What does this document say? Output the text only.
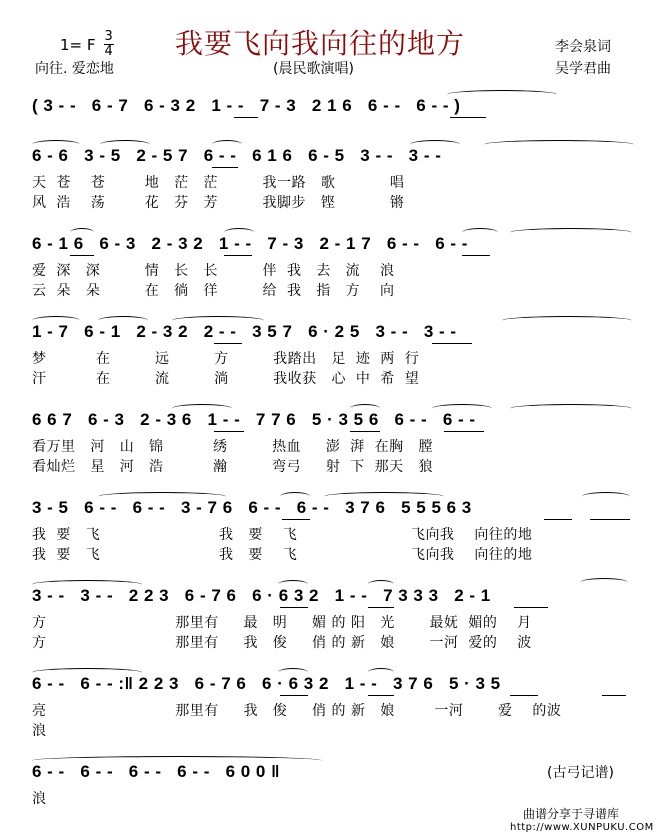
我要飞向我向往的地方
1= F $\frac{3}{4}$
向往. 爱恋地	(晨民歌演唱)
李会泉词
吴学君曲
( 3 - -   6 - 7   6 - 3 2   1 - -   7 - 3   2 1 6   6 - -   6 - - )
6 - 6   3 - 5   2 - 5 7   6 - -   6 1 6   6 - 5   3 - -   3 - -
天  苍    苍        地   茫   茫         我一路   歌           唱
风  浩    荡        花   芬   芳         我脚步   铿           锵
6 - 1 6   6 - 3   2 - 3 2   1 - -   7 - 3   2 - 1 7   6 - -   6 - -
爱  深   深         情   长   长         伴  我   去   流    浪
云  朵   朵         在   徜   徉         给  我   指   方    向
1 - 7   6 - 1   2 - 3 2   2 - -   3 5 7   6 · 2 5   3 - -   3 - -
梦          在         远         方         我踏出   足  迹  两  行
汗          在         流         淌         我收获   心  中  希  望
6 6 7   6 - 3   2 - 3 6   1 - -   7 7 6   5 · 3 5 6   6 - -   6 - -
看万里   河   山   锦          绣         热血     澎  湃  在胸   膛
看灿烂   星   河   浩          瀚         弯弓     射  下  那天   狼
3 - 5   6 - -   6 - -   3 - 7 6   6 - -   6 - -   3 7 6   5 5 5 6 3
我  要   飞                        我   要    飞                       飞向我    向往的地
我  要   飞                        我   要    飞                       飞向我    向往的地
3 - -   3 - -   2 2 3   6 - 7 6   6 · 6 3 2   1 - -   7 3 3 3   2 - 1
方                          那里有     最   明     媚 的 阳   光       最妩  媚的    月
方                          那里有     我   俊     俏 的 新   娘       一河  爱的    波
6 - -   6 - - :‖ 2 2 3   6 - 7 6   6 · 6 3 2   1 - -   3 7 6   5 · 3 5
亮                          那里有     我   俊     俏 的 新   娘        一河       爱    的波
浪
6 - -   6 - -   6 - -   6 - -   6 0 0 ‖
浪
(古弓记谱)
曲谱分享于寻谱库
http://www.XUNPUKU.COM
